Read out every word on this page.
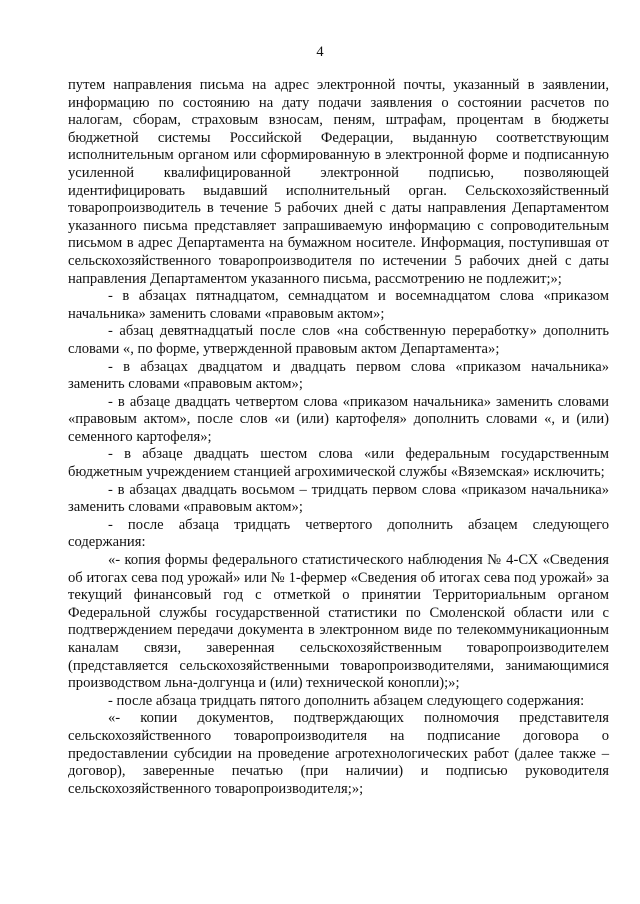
4

путем направления письма на адрес электронной почты, указанный в заявлении, информацию по состоянию на дату подачи заявления о состоянии расчетов по налогам, сборам, страховым взносам, пеням, штрафам, процентам в бюджеты бюджетной системы Российской Федерации, выданную соответствующим исполнительным органом или сформированную в электронной форме и подписанную усиленной квалифицированной электронной подписью, позволяющей идентифицировать выдавший исполнительный орган. Сельскохозяйственный товаропроизводитель в течение 5 рабочих дней с даты направления Департаментом указанного письма представляет запрашиваемую информацию с сопроводительным письмом в адрес Департамента на бумажном носителе. Информация, поступившая от сельскохозяйственного товаропроизводителя по истечении 5 рабочих дней с даты направления Департаментом указанного письма, рассмотрению не подлежит;»;

- в абзацах пятнадцатом, семнадцатом и восемнадцатом слова «приказом начальника» заменить словами «правовым актом»;

- абзац девятнадцатый после слов «на собственную переработку» дополнить словами «, по форме, утвержденной правовым актом Департамента»;

- в абзацах двадцатом и двадцать первом слова «приказом начальника» заменить словами «правовым актом»;

- в абзаце двадцать четвертом слова «приказом начальника» заменить словами «правовым актом», после слов «и (или) картофеля» дополнить словами «, и (или) семенного картофеля»;

- в абзаце двадцать шестом слова «или федеральным государственным бюджетным учреждением станцией агрохимической службы «Вяземская» исключить;

- в абзацах двадцать восьмом – тридцать первом слова «приказом начальника» заменить словами «правовым актом»;

- после абзаца тридцать четвертого дополнить абзацем следующего содержания:

«- копия формы федерального статистического наблюдения № 4-СХ «Сведения об итогах сева под урожай» или № 1-фермер «Сведения об итогах сева под урожай» за текущий финансовый год с отметкой о принятии Территориальным органом Федеральной службы государственной статистики по Смоленской области или с подтверждением передачи документа в электронном виде по телекоммуникационным каналам связи, заверенная сельскохозяйственным товаропроизводителем (представляется сельскохозяйственными товаропроизводителями, занимающимися производством льна-долгунца и (или) технической конопли);»;

- после абзаца тридцать пятого дополнить абзацем следующего содержания:

«- копии документов, подтверждающих полномочия представителя сельскохозяйственного товаропроизводителя на подписание договора о предоставлении субсидии на проведение агротехнологических работ (далее также – договор), заверенные печатью (при наличии) и подписью руководителя сельскохозяйственного товаропроизводителя;»;
